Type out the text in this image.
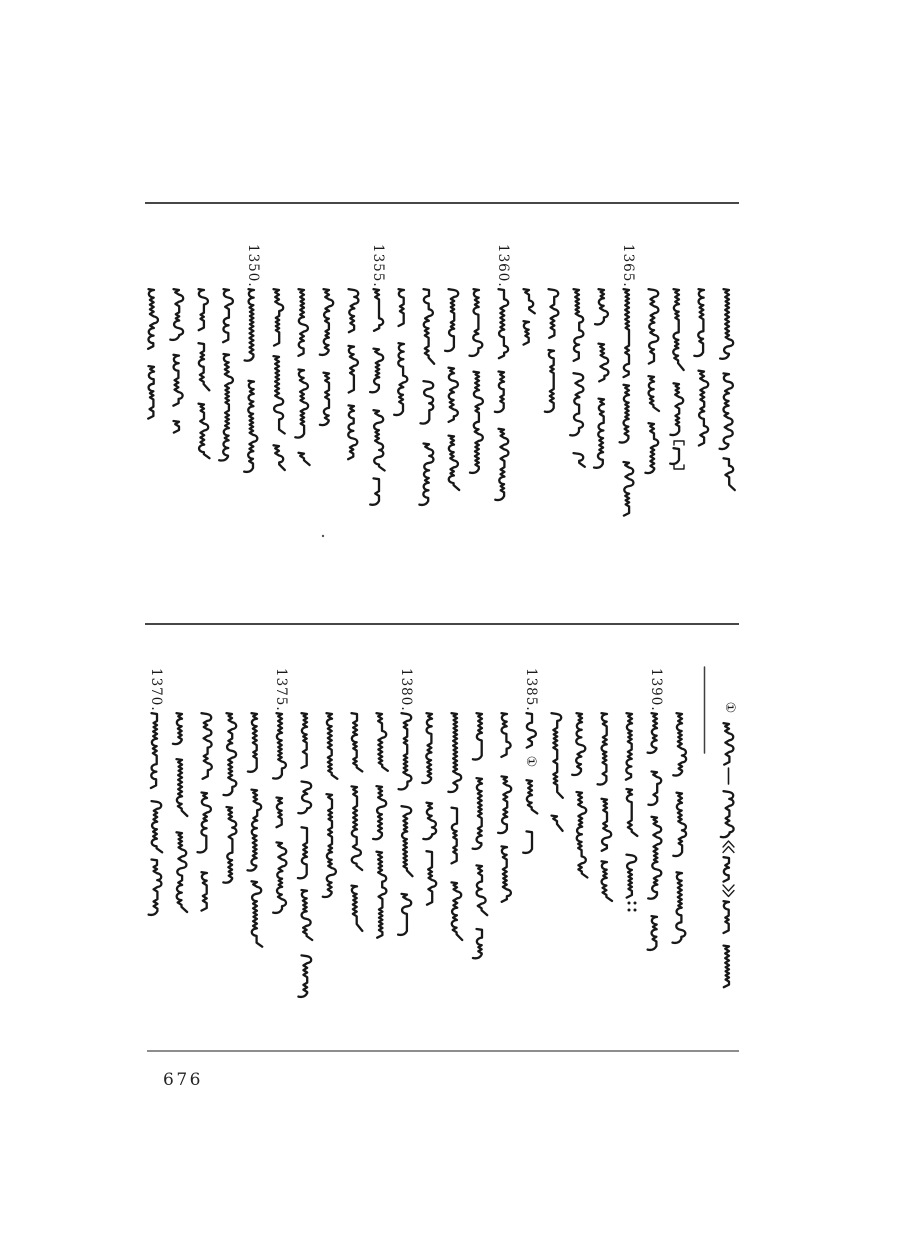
1350.	1355.	1360.	1365.
1370.	1375.	1380.	1385.	1390.	①
①
676
